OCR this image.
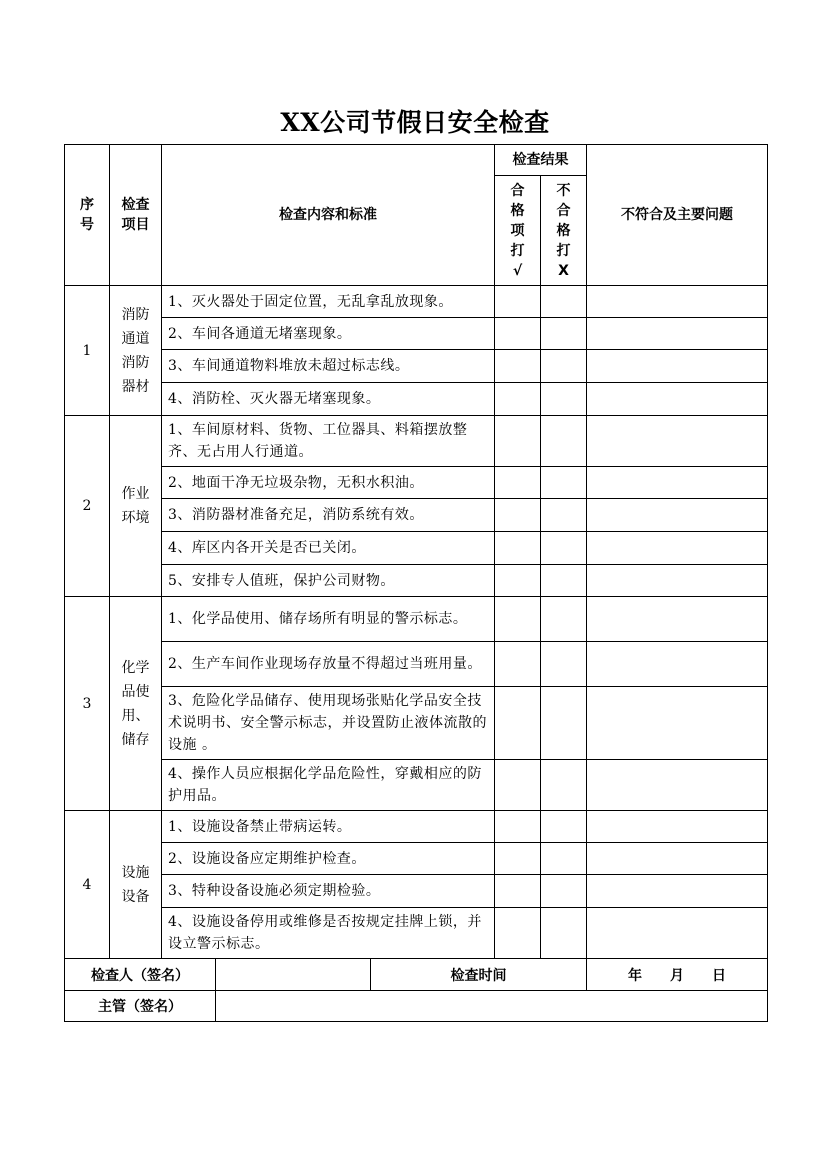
XX公司节假日安全检查
序号	检查项目	检查内容和标准			检查结果		不符合及主要问题
					合格项打√	不合格打X	
1	消防通道消防器材	1、灭火器处于固定位置，无乱拿乱放现象。					
		2、车间各通道无堵塞现象。					
		3、车间通道物料堆放未超过标志线。					
		4、消防栓、灭火器无堵塞现象。					
2	作业环境	1、车间原材料、货物、工位器具、料箱摆放整齐、无占用人行通道。					
		2、地面干净无垃圾杂物，无积水积油。					
		3、消防器材准备充足，消防系统有效。					
		4、库区内各开关是否已关闭。					
		5、安排专人值班，保护公司财物。					
3	化学品使用、储存	1、化学品使用、储存场所有明显的警示标志。					
		2、生产车间作业现场存放量不得超过当班用量。					
		3、危险化学品储存、使用现场张贴化学品安全技术说明书、安全警示标志，并设置防止液体流散的设施 。					
		4、操作人员应根据化学品危险性，穿戴相应的防护用品。					
4	设施设备	1、设施设备禁止带病运转。					
		2、设施设备应定期维护检查。					
		3、特种设备设施必须定期检验。					
		4、设施设备停用或维修是否按规定挂牌上锁，并设立警示标志。					
检查人（签名）				检查时间			年 月 日
主管（签名）							
